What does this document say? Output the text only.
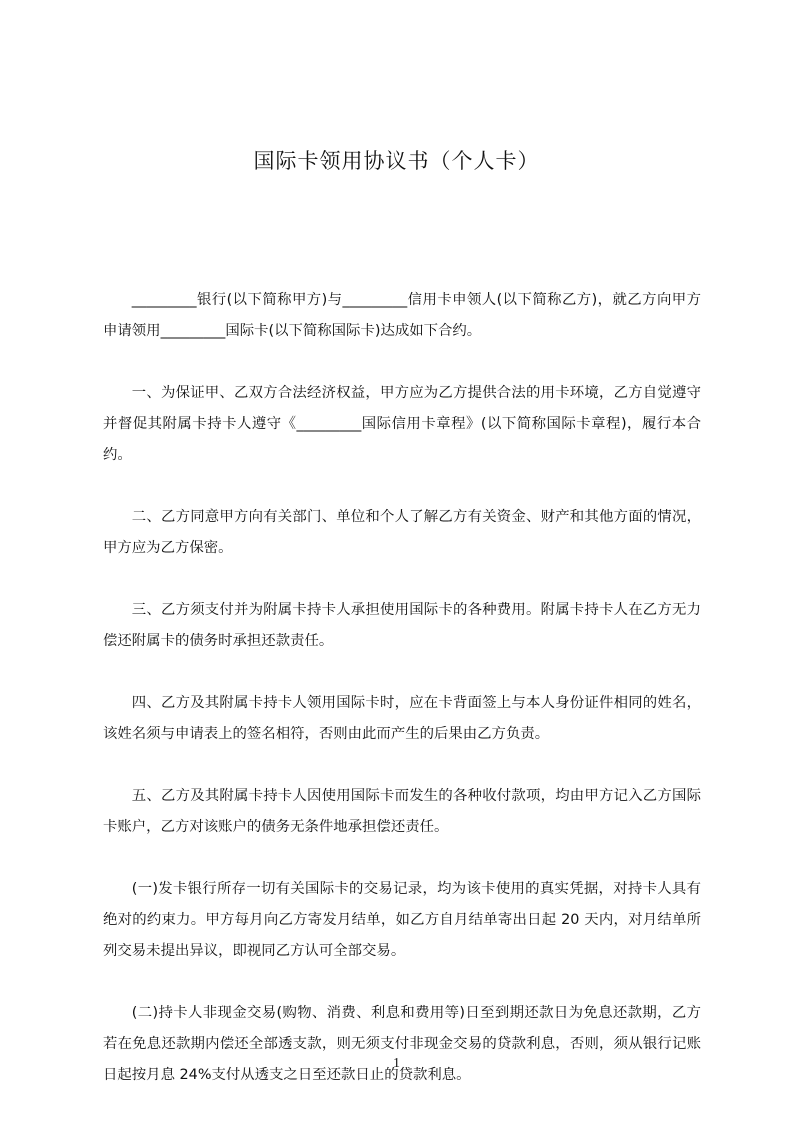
国际卡领用协议书（个人卡）

_________银行(以下简称甲方)与_________信用卡申领人(以下简称乙方)，就乙方向甲方申请领用_________国际卡(以下简称国际卡)达成如下合约。

一、为保证甲、乙双方合法经济权益，甲方应为乙方提供合法的用卡环境，乙方自觉遵守并督促其附属卡持卡人遵守《_________国际信用卡章程》(以下简称国际卡章程)，履行本合约。

二、乙方同意甲方向有关部门、单位和个人了解乙方有关资金、财产和其他方面的情况，甲方应为乙方保密。

三、乙方须支付并为附属卡持卡人承担使用国际卡的各种费用。附属卡持卡人在乙方无力偿还附属卡的债务时承担还款责任。

四、乙方及其附属卡持卡人领用国际卡时，应在卡背面签上与本人身份证件相同的姓名，该姓名须与申请表上的签名相符，否则由此而产生的后果由乙方负责。

五、乙方及其附属卡持卡人因使用国际卡而发生的各种收付款项，均由甲方记入乙方国际卡账户，乙方对该账户的债务无条件地承担偿还责任。

(一)发卡银行所存一切有关国际卡的交易记录，均为该卡使用的真实凭据，对持卡人具有绝对的约束力。甲方每月向乙方寄发月结单，如乙方自月结单寄出日起 20 天内，对月结单所列交易未提出异议，即视同乙方认可全部交易。

(二)持卡人非现金交易(购物、消费、利息和费用等)日至到期还款日为免息还款期，乙方若在免息还款期内偿还全部透支款，则无须支付非现金交易的贷款利息，否则，须从银行记账日起按月息 24%支付从透支之日至还款日止的贷款利息。

1
